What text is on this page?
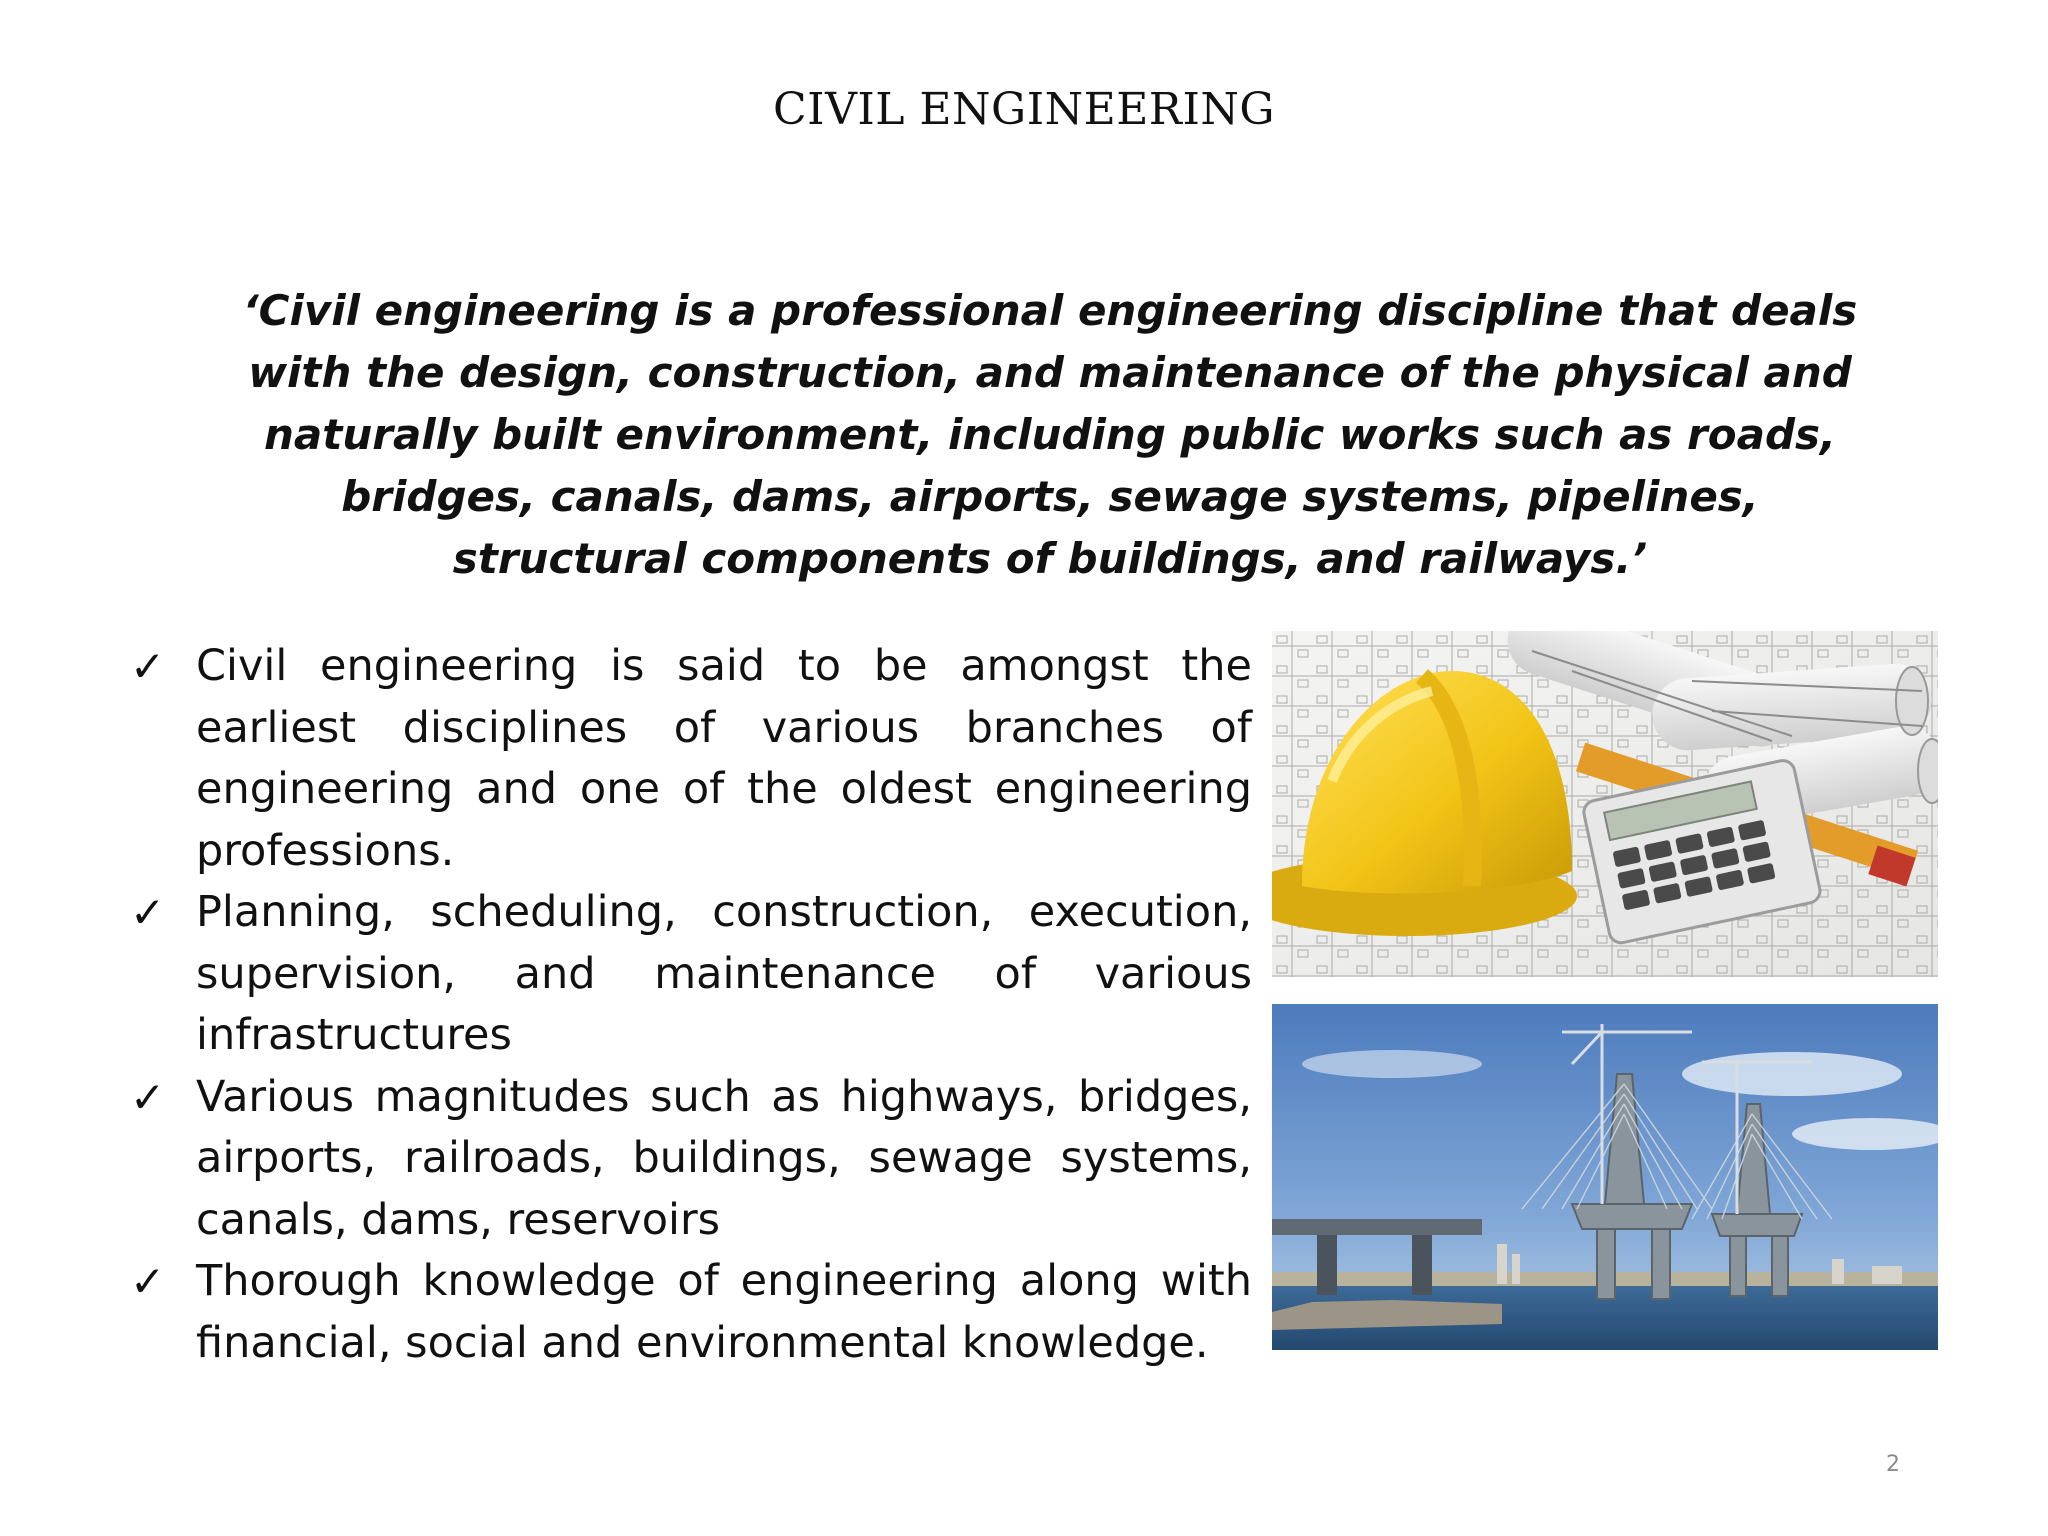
CIVIL ENGINEERING
‘Civil engineering is a professional engineering discipline that deals with the design, construction, and maintenance of the physical and naturally built environment, including public works such as roads, bridges, canals, dams, airports, sewage systems, pipelines, structural components of buildings, and railways.’
✓ Civil engineering is said to be amongst the earliest disciplines of various branches of engineering and one of the oldest engineering professions.
✓ Planning, scheduling, construction, execution, supervision, and maintenance of various infrastructures
✓ Various magnitudes such as highways, bridges, airports, railroads, buildings, sewage systems, canals, dams, reservoirs
✓ Thorough knowledge of engineering along with financial, social and environmental knowledge.
2
